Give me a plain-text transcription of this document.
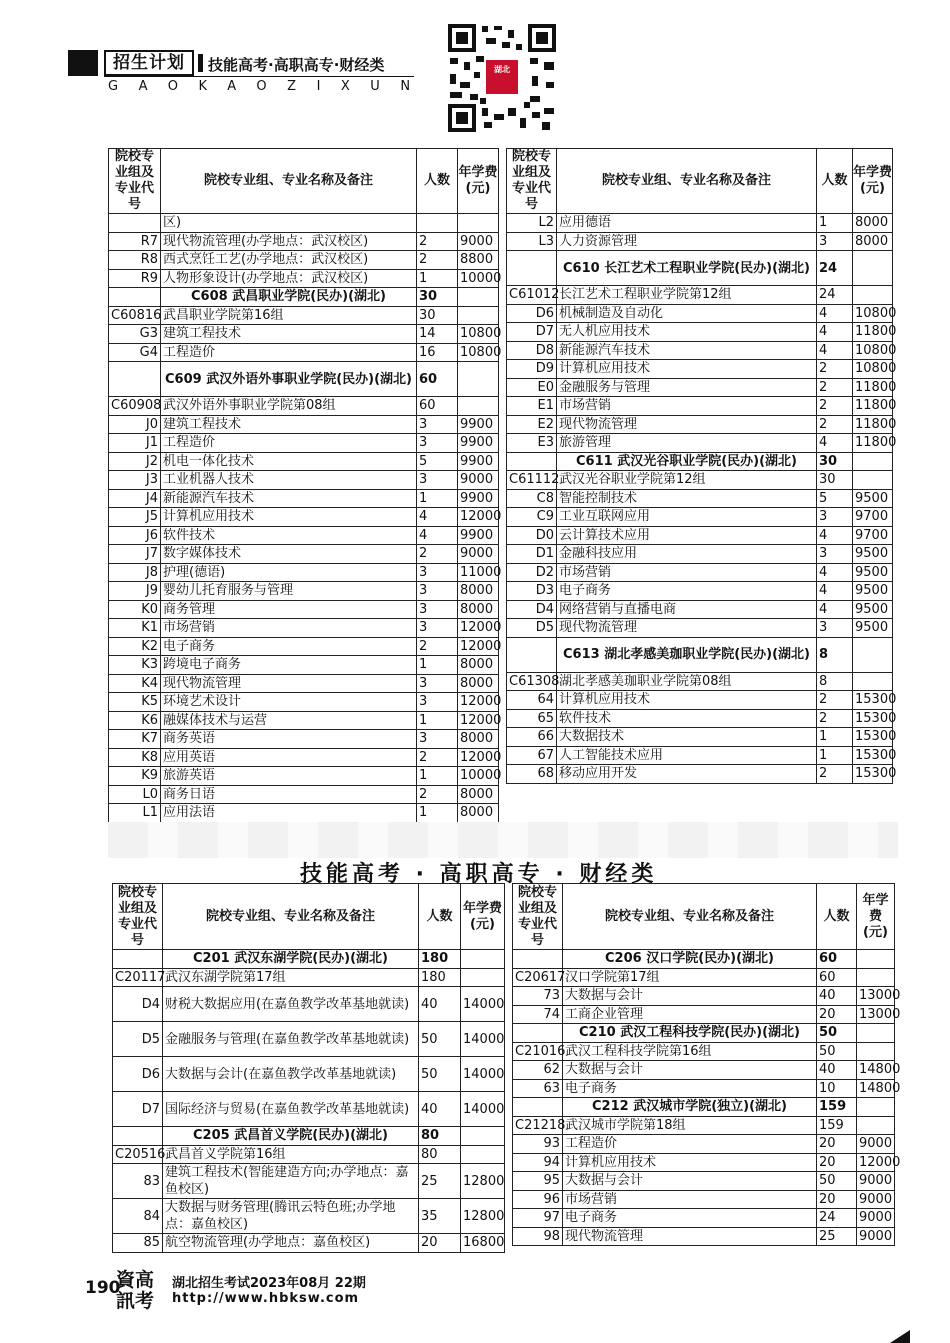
招生计划	技能高考·高职高专·财经类
GAOKAOZIXUN
湖北
院校专业组及专业代号	院校专业组、专业名称及备注	人数	年学费(元)
	区)		
R7	现代物流管理(办学地点：武汉校区)	2	9000
R8	西式烹饪工艺(办学地点：武汉校区)	2	8800
R9	人物形象设计(办学地点：武汉校区)	1	10000
	C608 武昌职业学院(民办)(湖北)	30	
C60816	武昌职业学院第16组	30	
G3	建筑工程技术	14	10800
G4	工程造价	16	10800
	C609 武汉外语外事职业学院(民办)(湖北)	60	
C60908	武汉外语外事职业学院第08组	60	
J0	建筑工程技术	3	9900
J1	工程造价	3	9900
J2	机电一体化技术	5	9900
J3	工业机器人技术	3	9000
J4	新能源汽车技术	1	9900
J5	计算机应用技术	4	12000
J6	软件技术	4	9900
J7	数字媒体技术	2	9000
J8	护理(德语)	3	11000
J9	婴幼儿托育服务与管理	3	8000
K0	商务管理	3	8000
K1	市场营销	3	12000
K2	电子商务	2	12000
K3	跨境电子商务	1	8000
K4	现代物流管理	3	8000
K5	环境艺术设计	3	12000
K6	融媒体技术与运营	1	12000
K7	商务英语	3	8000
K8	应用英语	2	12000
K9	旅游英语	1	10000
L0	商务日语	2	8000
L1	应用法语	1	8000
院校专业组及专业代号	院校专业组、专业名称及备注	人数	年学费(元)
L2	应用德语	1	8000
L3	人力资源管理	3	8000
	C610 长江艺术工程职业学院(民办)(湖北)	24	
C61012	长江艺术工程职业学院第12组	24	
D6	机械制造及自动化	4	10800
D7	无人机应用技术	4	11800
D8	新能源汽车技术	4	10800
D9	计算机应用技术	2	10800
E0	金融服务与管理	2	11800
E1	市场营销	2	11800
E2	现代物流管理	2	11800
E3	旅游管理	4	11800
	C611 武汉光谷职业学院(民办)(湖北)	30	
C61112	武汉光谷职业学院第12组	30	
C8	智能控制技术	5	9500
C9	工业互联网应用	3	9700
D0	云计算技术应用	4	9700
D1	金融科技应用	3	9500
D2	市场营销	4	9500
D3	电子商务	4	9500
D4	网络营销与直播电商	4	9500
D5	现代物流管理	3	9500
	C613 湖北孝感美珈职业学院(民办)(湖北)	8	
C61308	湖北孝感美珈职业学院第08组	8	
64	计算机应用技术	2	15300
65	软件技术	2	15300
66	大数据技术	1	15300
67	人工智能技术应用	1	15300
68	移动应用开发	2	15300
技能高考 · 高职高专 · 财经类
院校专业组及专业代号	院校专业组、专业名称及备注	人数	年学费(元)
	C201 武汉东湖学院(民办)(湖北)	180	
C20117	武汉东湖学院第17组	180	
D4	财税大数据应用(在嘉鱼教学改革基地就读)	40	14000
D5	金融服务与管理(在嘉鱼教学改革基地就读)	50	14000
D6	大数据与会计(在嘉鱼教学改革基地就读)	50	14000
D7	国际经济与贸易(在嘉鱼教学改革基地就读)	40	14000
	C205 武昌首义学院(民办)(湖北)	80	
C20516	武昌首义学院第16组	80	
83	建筑工程技术(智能建造方向;办学地点：嘉鱼校区)	25	12800
84	大数据与财务管理(腾讯云特色班;办学地点：嘉鱼校区)	35	12800
85	航空物流管理(办学地点：嘉鱼校区)	20	16800
院校专业组及专业代号	院校专业组、专业名称及备注	人数	年学费(元)
	C206 汉口学院(民办)(湖北)	60	
C20617	汉口学院第17组	60	
73	大数据与会计	40	13000
74	工商企业管理	20	13000
	C210 武汉工程科技学院(民办)(湖北)	50	
C21016	武汉工程科技学院第16组	50	
62	大数据与会计	40	14800
63	电子商务	10	14800
	C212 武汉城市学院(独立)(湖北)	159	
C21218	武汉城市学院第18组	159	
93	工程造价	20	9000
94	计算机应用技术	20	12000
95	大数据与会计	50	9000
96	市场营销	20	9000
97	电子商务	24	9000
98	现代物流管理	25	9000
190
資高
訊考
湖北招生考试2023年08月 22期
http://www.hbksw.com
